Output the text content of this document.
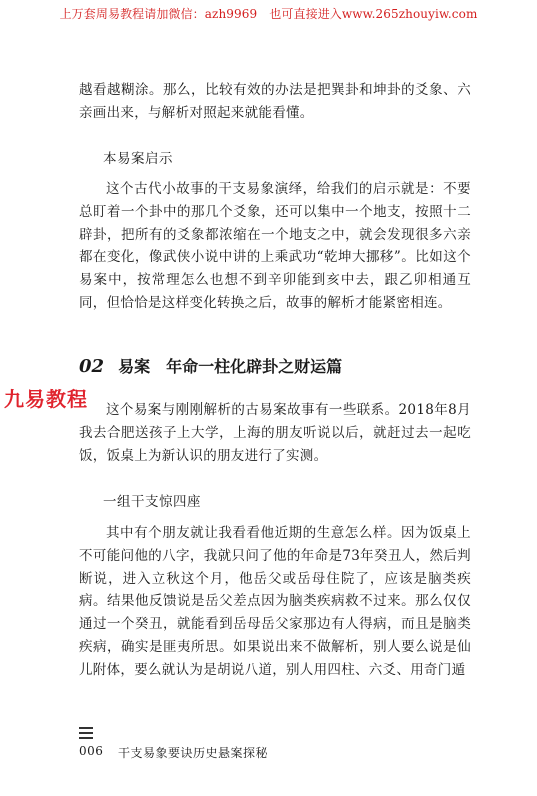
上万套周易教程请加微信：azh9969　也可直接进入www.265zhouyiw.com

越看越糊涂。那么，比较有效的办法是把巽卦和坤卦的爻象、六亲画出来，与解析对照起来就能看懂。

本易案启示

这个古代小故事的干支易象演绎，给我们的启示就是：不要总盯着一个卦中的那几个爻象，还可以集中一个地支，按照十二辟卦，把所有的爻象都浓缩在一个地支之中，就会发现很多六亲都在变化，像武侠小说中讲的上乘武功“乾坤大挪移”。比如这个易案中，按常理怎么也想不到辛卯能到亥中去，跟乙卯相通互同，但恰恰是这样变化转换之后，故事的解析才能紧密相连。

02 易案 年命一柱化辟卦之财运篇
九易教程	这个易案与刚刚解析的古易案故事有一些联系。2018年8月我去合肥送孩子上大学，上海的朋友听说以后，就赶过去一起吃饭，饭桌上为新认识的朋友进行了实测。

一组干支惊四座

其中有个朋友就让我看看他近期的生意怎么样。因为饭桌上不可能问他的八字，我就只问了他的年命是73年癸丑人，然后判断说，进入立秋这个月，他岳父或岳母住院了，应该是脑类疾病。结果他反馈说是岳父差点因为脑类疾病救不过来。那么仅仅通过一个癸丑，就能看到岳母岳父家那边有人得病，而且是脑类疾病，确实是匪夷所思。如果说出来不做解析，别人要么说是仙儿附体，要么就认为是胡说八道，别人用四柱、六爻、用奇门遁

006 干支易象要诀历史悬案探秘
